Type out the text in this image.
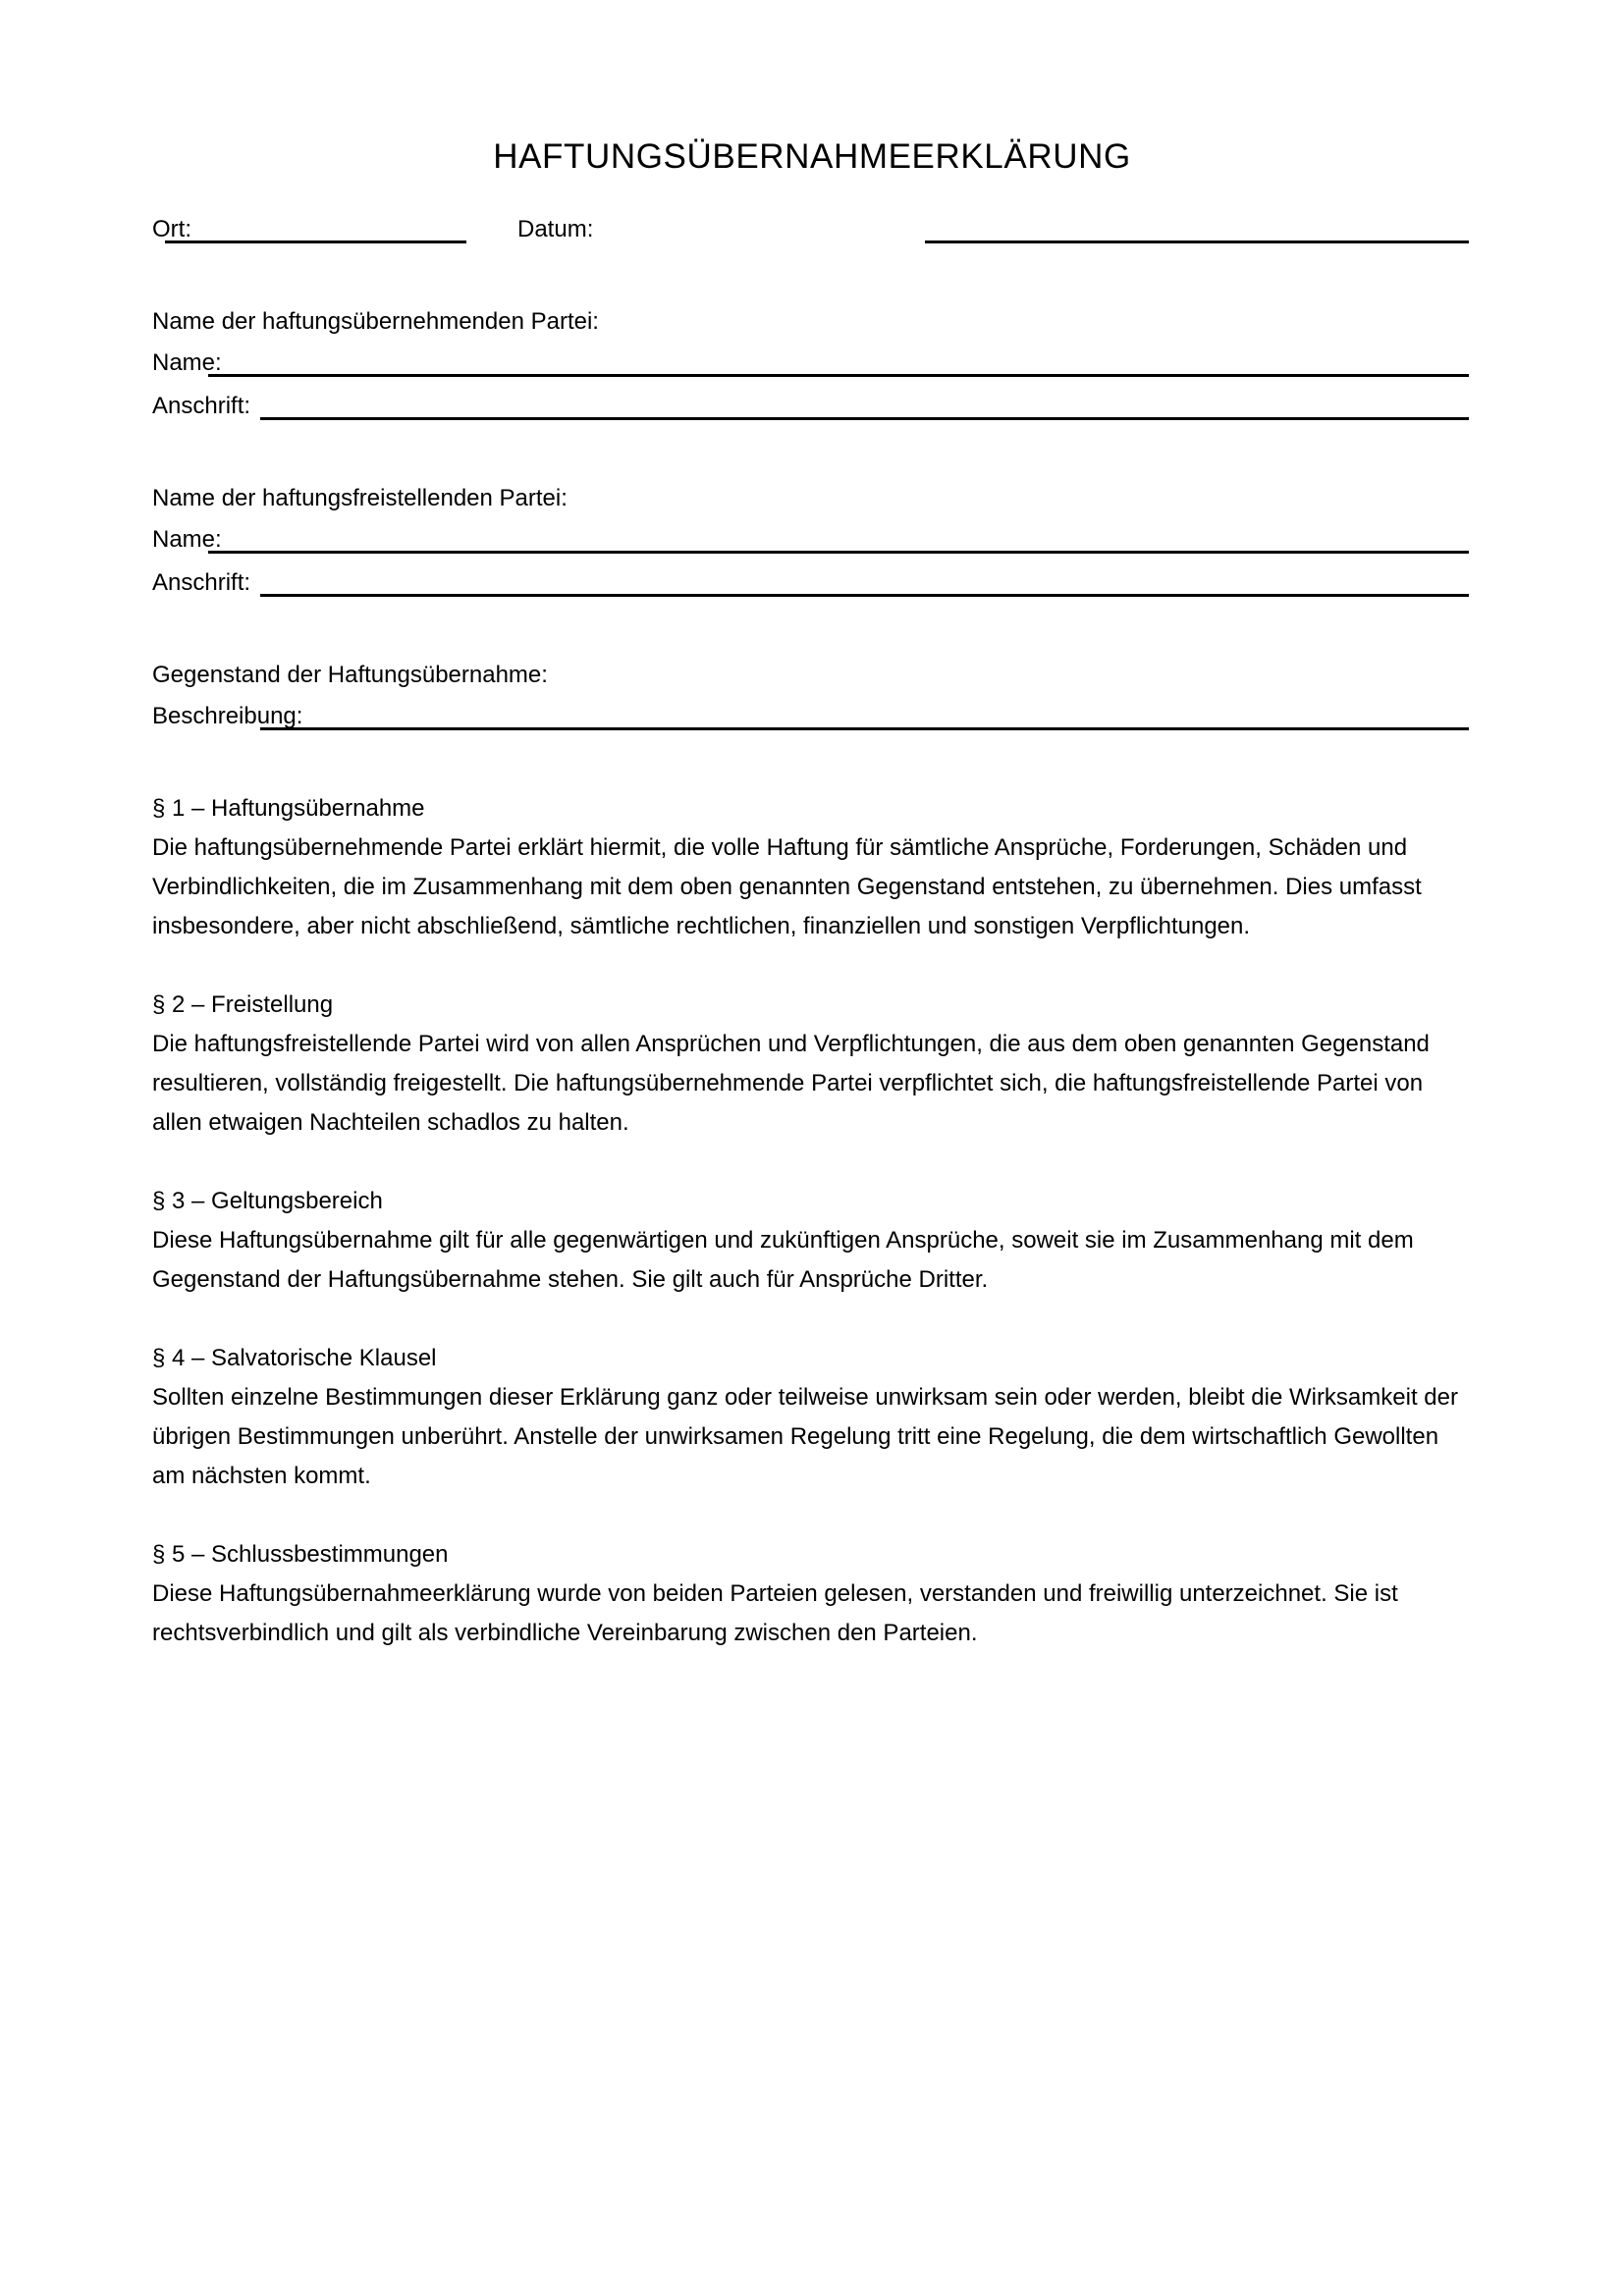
HAFTUNGSÜBERNAHMEERKLÄRUNG
Ort:	Datum:
Name der haftungsübernehmenden Partei:
Name:
Anschrift:
Name der haftungsfreistellenden Partei:
Name:
Anschrift:
Gegenstand der Haftungsübernahme:
Beschreibung:

§ 1 – Haftungsübernahme

Die haftungsübernehmende Partei erklärt hiermit, die volle Haftung für sämtliche Ansprüche, Forderungen, Schäden und Verbindlichkeiten, die im Zusammenhang mit dem oben genannten Gegenstand entstehen, zu übernehmen. Dies umfasst insbesondere, aber nicht abschließend, sämtliche rechtlichen, finanziellen und sonstigen Verpflichtungen.

§ 2 – Freistellung

Die haftungsfreistellende Partei wird von allen Ansprüchen und Verpflichtungen, die aus dem oben genannten Gegenstand resultieren, vollständig freigestellt. Die haftungsübernehmende Partei verpflichtet sich, die haftungsfreistellende Partei von allen etwaigen Nachteilen schadlos zu halten.

§ 3 – Geltungsbereich

Diese Haftungsübernahme gilt für alle gegenwärtigen und zukünftigen Ansprüche, soweit sie im Zusammenhang mit dem Gegenstand der Haftungsübernahme stehen. Sie gilt auch für Ansprüche Dritter.

§ 4 – Salvatorische Klausel

Sollten einzelne Bestimmungen dieser Erklärung ganz oder teilweise unwirksam sein oder werden, bleibt die Wirksamkeit der übrigen Bestimmungen unberührt. Anstelle der unwirksamen Regelung tritt eine Regelung, die dem wirtschaftlich Gewollten am nächsten kommt.

§ 5 – Schlussbestimmungen

Diese Haftungsübernahmeerklärung wurde von beiden Parteien gelesen, verstanden und freiwillig unterzeichnet. Sie ist rechtsverbindlich und gilt als verbindliche Vereinbarung zwischen den Parteien.
